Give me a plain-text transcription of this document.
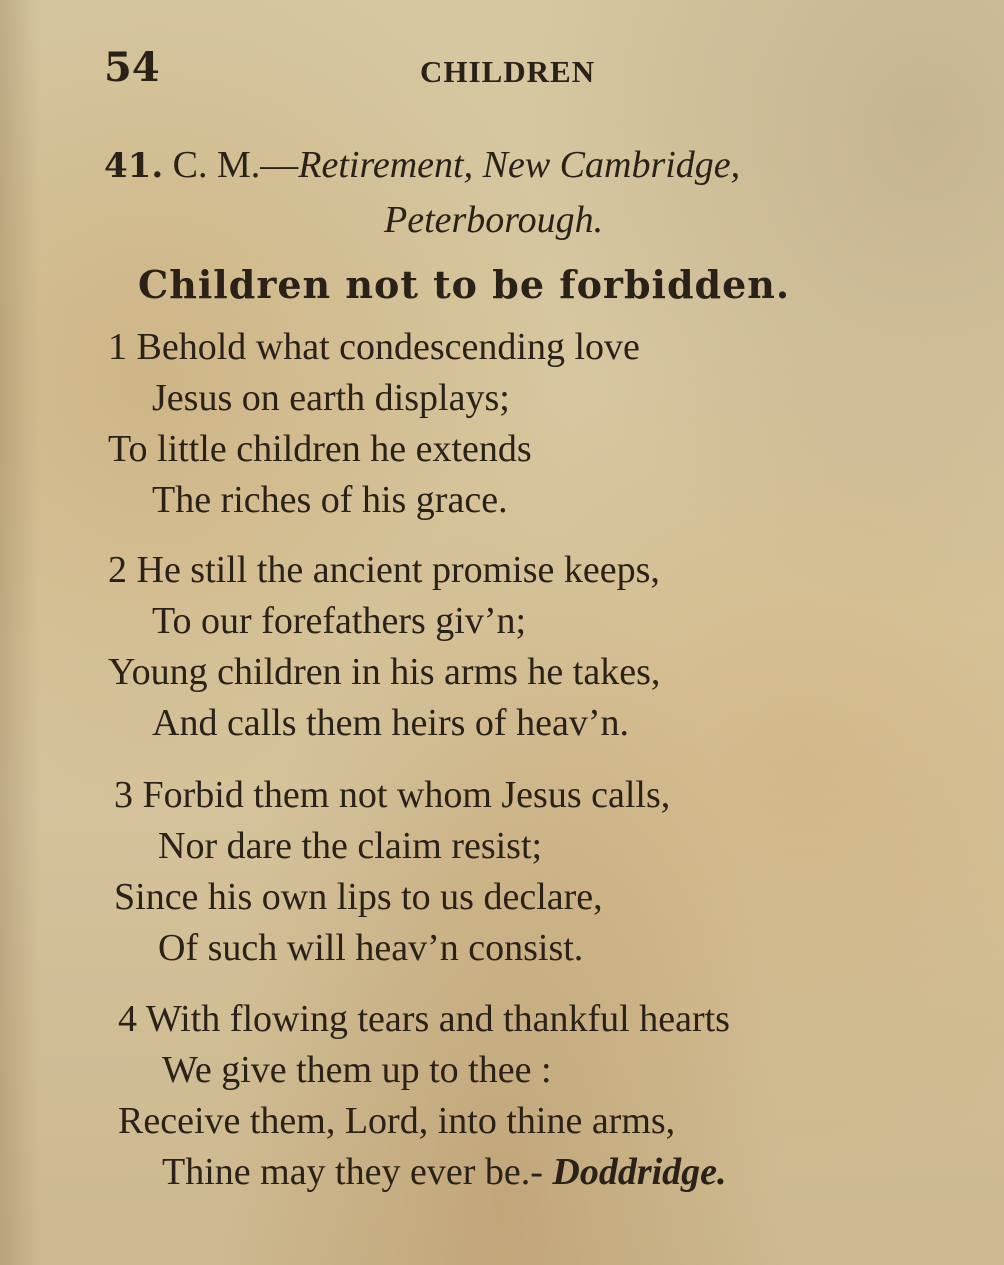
54	CHILDREN
41. C. M.—Retirement, New Cambridge,
Peterborough.
Children not to be forbidden.
1 Behold what condescending love
Jesus on earth displays;
To little children he extends
The riches of his grace.
2 He still the ancient promise keeps,
To our forefathers giv’n;
Young children in his arms he takes,
And calls them heirs of heav’n.
3 Forbid them not whom Jesus calls,
Nor dare the claim resist;
Since his own lips to us declare,
Of such will heav’n consist.
4 With flowing tears and thankful hearts
We give them up to thee :
Receive them, Lord, into thine arms,
Thine may they ever be.- Doddridge.
